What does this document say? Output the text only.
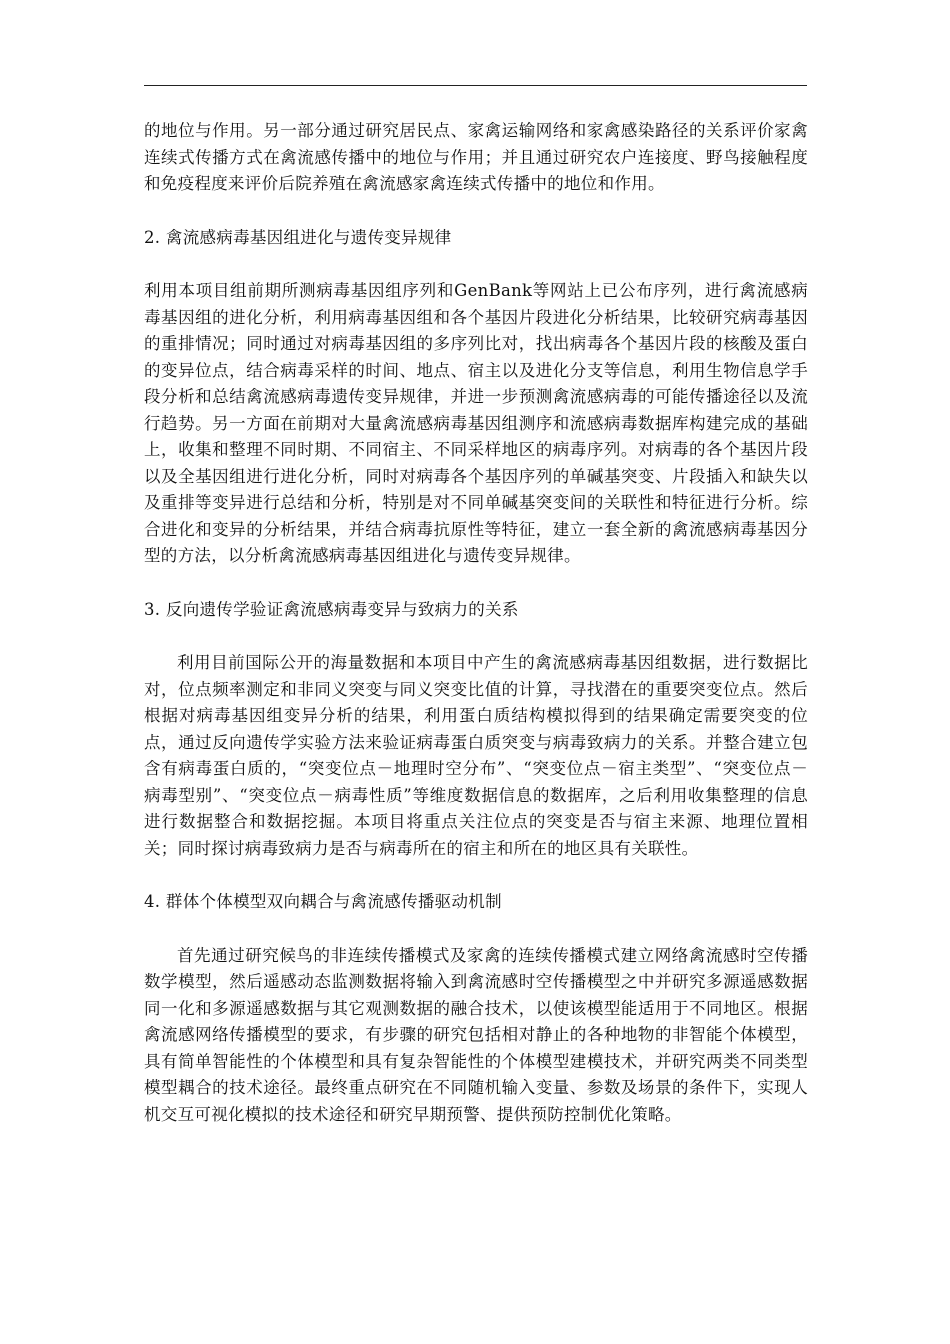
的地位与作用。另一部分通过研究居民点、家禽运输网络和家禽感染路径的关系评价家禽连续式传播方式在禽流感传播中的地位与作用；并且通过研究农户连接度、野鸟接触程度和免疫程度来评价后院养殖在禽流感家禽连续式传播中的地位和作用。

2. 禽流感病毒基因组进化与遗传变异规律

利用本项目组前期所测病毒基因组序列和GenBank等网站上已公布序列，进行禽流感病毒基因组的进化分析，利用病毒基因组和各个基因片段进化分析结果，比较研究病毒基因的重排情况；同时通过对病毒基因组的多序列比对，找出病毒各个基因片段的核酸及蛋白的变异位点，结合病毒采样的时间、地点、宿主以及进化分支等信息，利用生物信息学手段分析和总结禽流感病毒遗传变异规律，并进一步预测禽流感病毒的可能传播途径以及流行趋势。另一方面在前期对大量禽流感病毒基因组测序和流感病毒数据库构建完成的基础上，收集和整理不同时期、不同宿主、不同采样地区的病毒序列。对病毒的各个基因片段以及全基因组进行进化分析，同时对病毒各个基因序列的单碱基突变、片段插入和缺失以及重排等变异进行总结和分析，特别是对不同单碱基突变间的关联性和特征进行分析。综合进化和变异的分析结果，并结合病毒抗原性等特征，建立一套全新的禽流感病毒基因分型的方法，以分析禽流感病毒基因组进化与遗传变异规律。

3. 反向遗传学验证禽流感病毒变异与致病力的关系

利用目前国际公开的海量数据和本项目中产生的禽流感病毒基因组数据，进行数据比对，位点频率测定和非同义突变与同义突变比值的计算，寻找潜在的重要突变位点。然后根据对病毒基因组变异分析的结果，利用蛋白质结构模拟得到的结果确定需要突变的位点，通过反向遗传学实验方法来验证病毒蛋白质突变与病毒致病力的关系。并整合建立包含有病毒蛋白质的，“突变位点－地理时空分布”、“突变位点－宿主类型”、“突变位点－病毒型别”、“突变位点－病毒性质”等维度数据信息的数据库，之后利用收集整理的信息进行数据整合和数据挖掘。本项目将重点关注位点的突变是否与宿主来源、地理位置相关；同时探讨病毒致病力是否与病毒所在的宿主和所在的地区具有关联性。

4. 群体个体模型双向耦合与禽流感传播驱动机制

首先通过研究候鸟的非连续传播模式及家禽的连续传播模式建立网络禽流感时空传播数学模型，然后遥感动态监测数据将输入到禽流感时空传播模型之中并研究多源遥感数据同一化和多源遥感数据与其它观测数据的融合技术，以使该模型能适用于不同地区。根据禽流感网络传播模型的要求，有步骤的研究包括相对静止的各种地物的非智能个体模型，具有简单智能性的个体模型和具有复杂智能性的个体模型建模技术，并研究两类不同类型模型耦合的技术途径。最终重点研究在不同随机输入变量、参数及场景的条件下，实现人机交互可视化模拟的技术途径和研究早期预警、提供预防控制优化策略。
